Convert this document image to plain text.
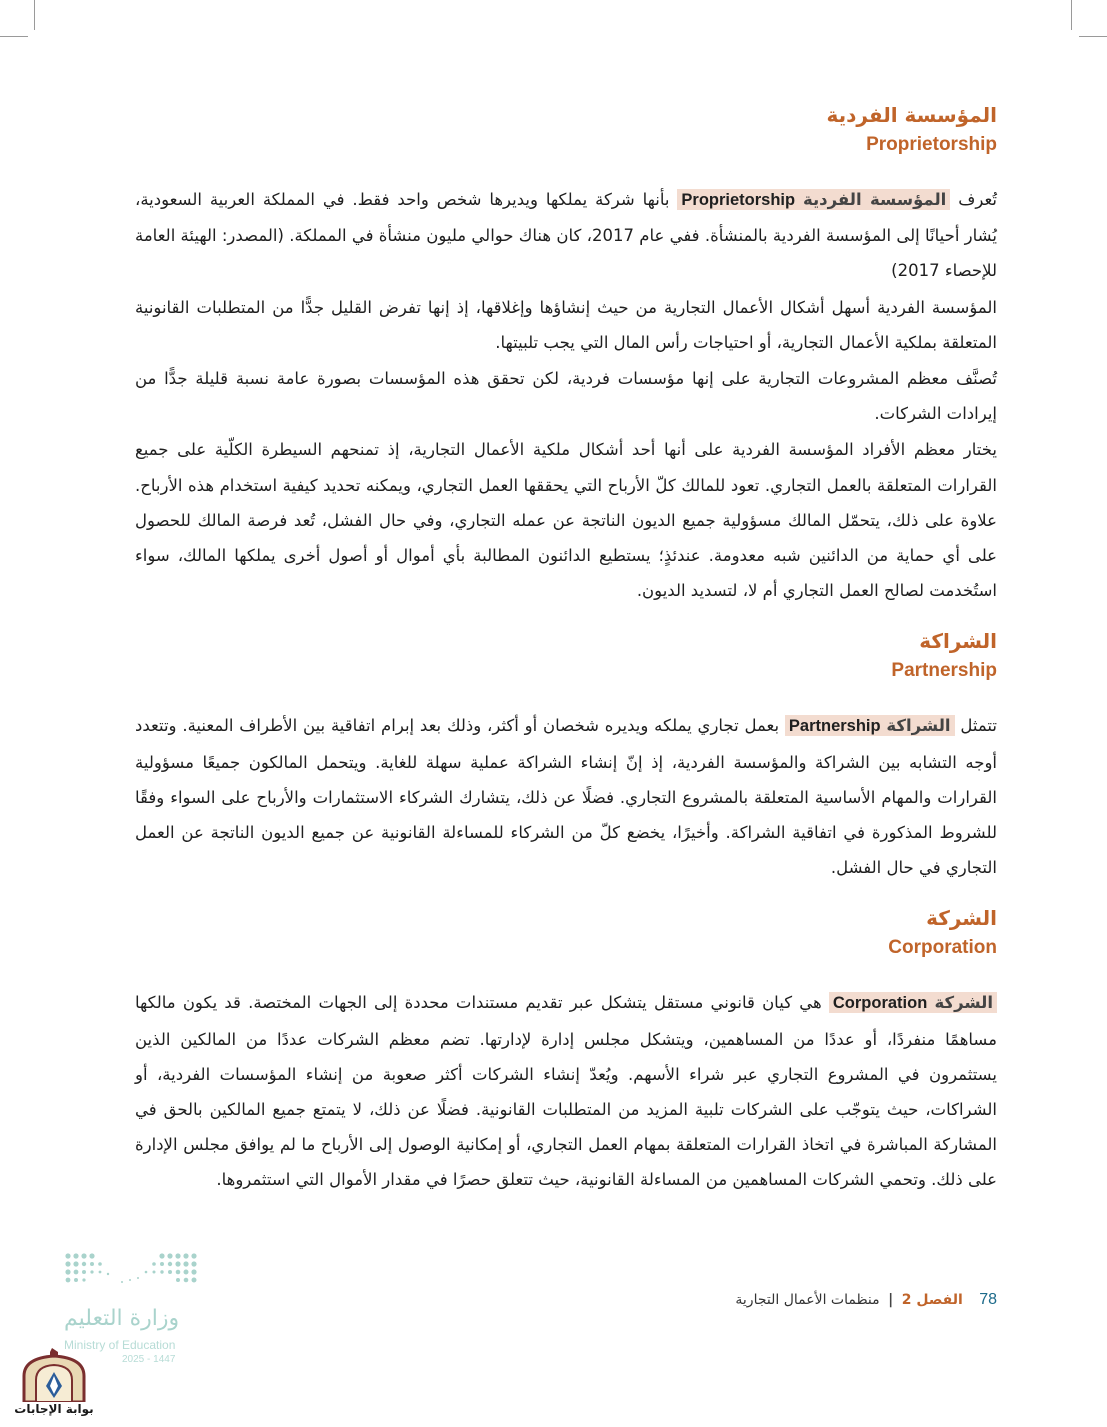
المؤسسة الفردية
Proprietorship

تُعرف المؤسسة الفردية Proprietorship بأنها شركة يملكها ويديرها شخص واحد فقط. في المملكة العربية السعودية، يُشار أحيانًا إلى المؤسسة الفردية بالمنشأة. ففي عام 2017، كان هناك حوالي مليون منشأة في المملكة. (المصدر: الهيئة العامة للإحصاء 2017)

المؤسسة الفردية أسهل أشكال الأعمال التجارية من حيث إنشاؤها وإغلاقها، إذ إنها تفرض القليل جدًّا من المتطلبات القانونية المتعلقة بملكية الأعمال التجارية، أو احتياجات رأس المال التي يجب تلبيتها.

تُصنَّف معظم المشروعات التجارية على إنها مؤسسات فردية، لكن تحقق هذه المؤسسات بصورة عامة نسبة قليلة جدًّا من إيرادات الشركات.

يختار معظم الأفراد المؤسسة الفردية على أنها أحد أشكال ملكية الأعمال التجارية، إذ تمنحهم السيطرة الكلّية على جميع القرارات المتعلقة بالعمل التجاري. تعود للمالك كلّ الأرباح التي يحققها العمل التجاري، ويمكنه تحديد كيفية استخدام هذه الأرباح. علاوة على ذلك، يتحمّل المالك مسؤولية جميع الديون الناتجة عن عمله التجاري، وفي حال الفشل، تُعد فرصة المالك للحصول على أي حماية من الدائنين شبه معدومة. عندئذٍ؛ يستطيع الدائنون المطالبة بأي أموال أو أصول أخرى يملكها المالك، سواء استُخدمت لصالح العمل التجاري أم لا، لتسديد الديون.

الشراكة
Partnership

تتمثل الشراكة Partnership بعمل تجاري يملكه ويديره شخصان أو أكثر، وذلك بعد إبرام اتفاقية بين الأطراف المعنية. وتتعدد أوجه التشابه بين الشراكة والمؤسسة الفردية، إذ إنّ إنشاء الشراكة عملية سهلة للغاية. ويتحمل المالكون جميعًا مسؤولية القرارات والمهام الأساسية المتعلقة بالمشروع التجاري. فضلًا عن ذلك، يتشارك الشركاء الاستثمارات والأرباح على السواء وفقًا للشروط المذكورة في اتفاقية الشراكة. وأخيرًا، يخضع كلّ من الشركاء للمساءلة القانونية عن جميع الديون الناتجة عن العمل التجاري في حال الفشل.

الشركة
Corporation

الشركة Corporation هي كيان قانوني مستقل يتشكل عبر تقديم مستندات محددة إلى الجهات المختصة. قد يكون مالكها مساهمًا منفردًا، أو عددًا من المساهمين، ويتشكل مجلس إدارة لإدارتها. تضم معظم الشركات عددًا من المالكين الذين يستثمرون في المشروع التجاري عبر شراء الأسهم. ويُعدّ إنشاء الشركات أكثر صعوبة من إنشاء المؤسسات الفردية، أو الشراكات، حيث يتوجّب على الشركات تلبية المزيد من المتطلبات القانونية. فضلًا عن ذلك، لا يتمتع جميع المالكين بالحق في المشاركة المباشرة في اتخاذ القرارات المتعلقة بمهام العمل التجاري، أو إمكانية الوصول إلى الأرباح ما لم يوافق مجلس الإدارة على ذلك. وتحمي الشركات المساهمين من المساءلة القانونية، حيث تتعلق حصرًا في مقدار الأموال التي استثمروها.

78 الفصل 2 | منظمات الأعمال التجارية
وزارة التعليم
Ministry of Education
2025 - 1447
بوابة الإجابات
